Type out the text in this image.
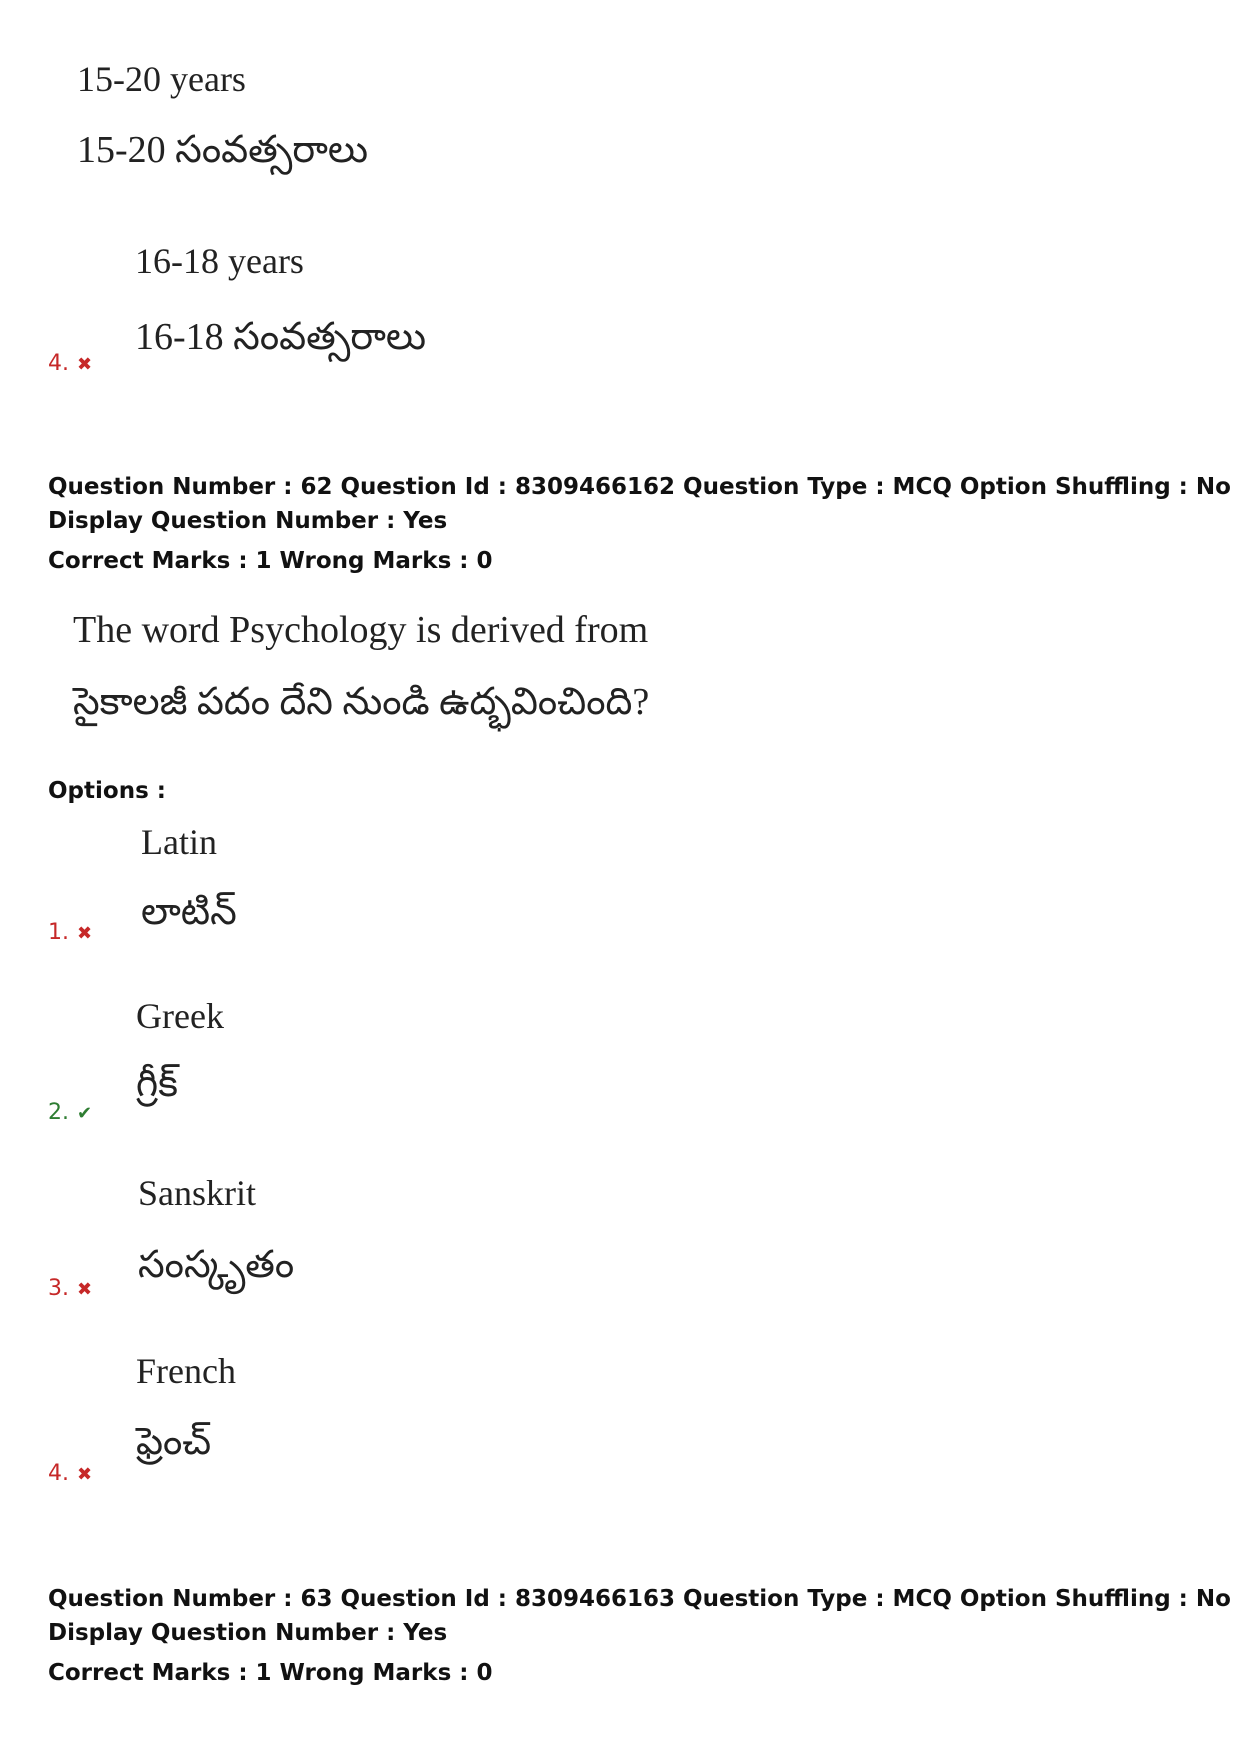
15-20 years
15-20 సంవత్సరాలు
16-18 years
4. ✖
16-18 సంవత్సరాలు
Question Number : 62 Question Id : 8309466162 Question Type : MCQ Option Shuffling : No
Display Question Number : Yes
Correct Marks : 1 Wrong Marks : 0
The word Psychology is derived from
సైకాలజీ పదం దేని నుండి ఉద్భవించింది?
Options :
Latin
లాటిన్
1. ✖
Greek
గ్రీక్
2. ✔
Sanskrit
సంస్కృతం
3. ✖
French
ఫ్రెంచ్
4. ✖
Question Number : 63 Question Id : 8309466163 Question Type : MCQ Option Shuffling : No
Display Question Number : Yes
Correct Marks : 1 Wrong Marks : 0
